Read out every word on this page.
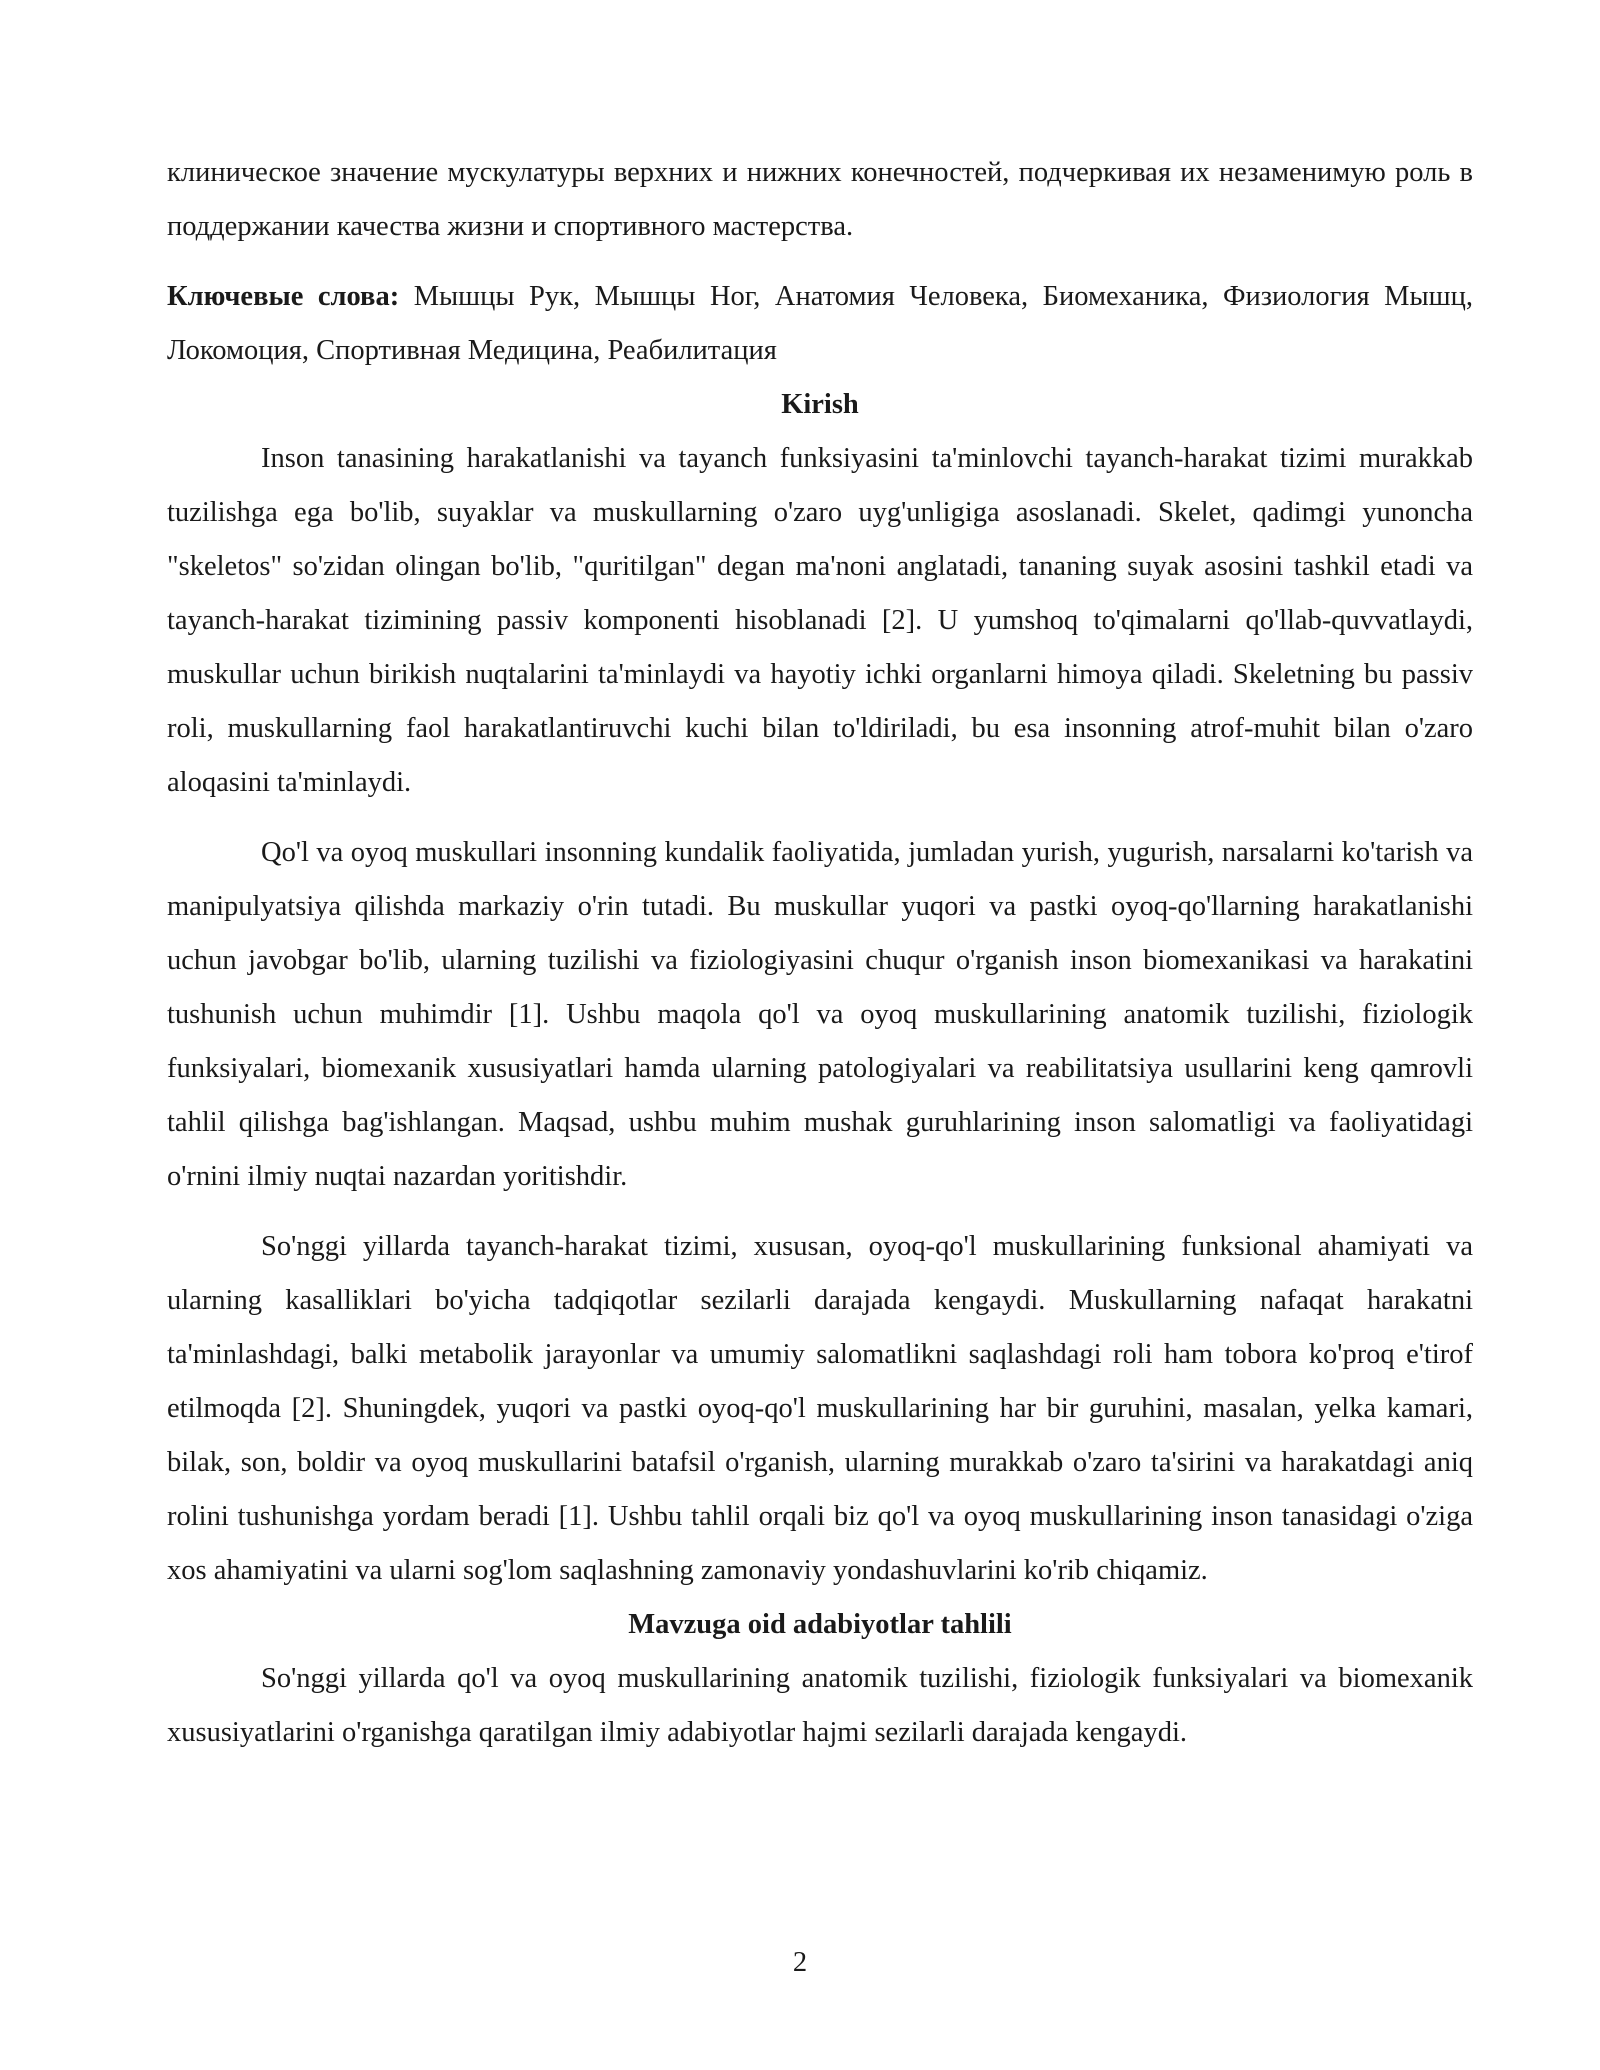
клиническое значение мускулатуры верхних и нижних конечностей, подчеркивая их незаменимую роль в поддержании качества жизни и спортивного мастерства.

Ключевые слова: Мышцы Рук, Мышцы Ног, Анатомия Человека, Биомеханика, Физиология Мышц, Локомоция, Спортивная Медицина, Реабилитация

Kirish

Inson tanasining harakatlanishi va tayanch funksiyasini ta'minlovchi tayanch-harakat tizimi murakkab tuzilishga ega bo'lib, suyaklar va muskullarning o'zaro uyg'unligiga asoslanadi. Skelet, qadimgi yunoncha "skeletos" so'zidan olingan bo'lib, "quritilgan" degan ma'noni anglatadi, tananing suyak asosini tashkil etadi va tayanch-harakat tizimining passiv komponenti hisoblanadi [2]. U yumshoq to'qimalarni qo'llab-quvvatlaydi, muskullar uchun birikish nuqtalarini ta'minlaydi va hayotiy ichki organlarni himoya qiladi. Skeletning bu passiv roli, muskullarning faol harakatlantiruvchi kuchi bilan to'ldiriladi, bu esa insonning atrof-muhit bilan o'zaro aloqasini ta'minlaydi.

Qo'l va oyoq muskullari insonning kundalik faoliyatida, jumladan yurish, yugurish, narsalarni ko'tarish va manipulyatsiya qilishda markaziy o'rin tutadi. Bu muskullar yuqori va pastki oyoq-qo'llarning harakatlanishi uchun javobgar bo'lib, ularning tuzilishi va fiziologiyasini chuqur o'rganish inson biomexanikasi va harakatini tushunish uchun muhimdir [1]. Ushbu maqola qo'l va oyoq muskullarining anatomik tuzilishi, fiziologik funksiyalari, biomexanik xususiyatlari hamda ularning patologiyalari va reabilitatsiya usullarini keng qamrovli tahlil qilishga bag'ishlangan. Maqsad, ushbu muhim mushak guruhlarining inson salomatligi va faoliyatidagi o'rnini ilmiy nuqtai nazardan yoritishdir.

So'nggi yillarda tayanch-harakat tizimi, xususan, oyoq-qo'l muskullarining funksional ahamiyati va ularning kasalliklari bo'yicha tadqiqotlar sezilarli darajada kengaydi. Muskullarning nafaqat harakatni ta'minlashdagi, balki metabolik jarayonlar va umumiy salomatlikni saqlashdagi roli ham tobora ko'proq e'tirof etilmoqda [2]. Shuningdek, yuqori va pastki oyoq-qo'l muskullarining har bir guruhini, masalan, yelka kamari, bilak, son, boldir va oyoq muskullarini batafsil o'rganish, ularning murakkab o'zaro ta'sirini va harakatdagi aniq rolini tushunishga yordam beradi [1]. Ushbu tahlil orqali biz qo'l va oyoq muskullarining inson tanasidagi o'ziga xos ahamiyatini va ularni sog'lom saqlashning zamonaviy yondashuvlarini ko'rib chiqamiz.

Mavzuga oid adabiyotlar tahlili

So'nggi yillarda qo'l va oyoq muskullarining anatomik tuzilishi, fiziologik funksiyalari va biomexanik xususiyatlarini o'rganishga qaratilgan ilmiy adabiyotlar hajmi sezilarli darajada kengaydi.

2
